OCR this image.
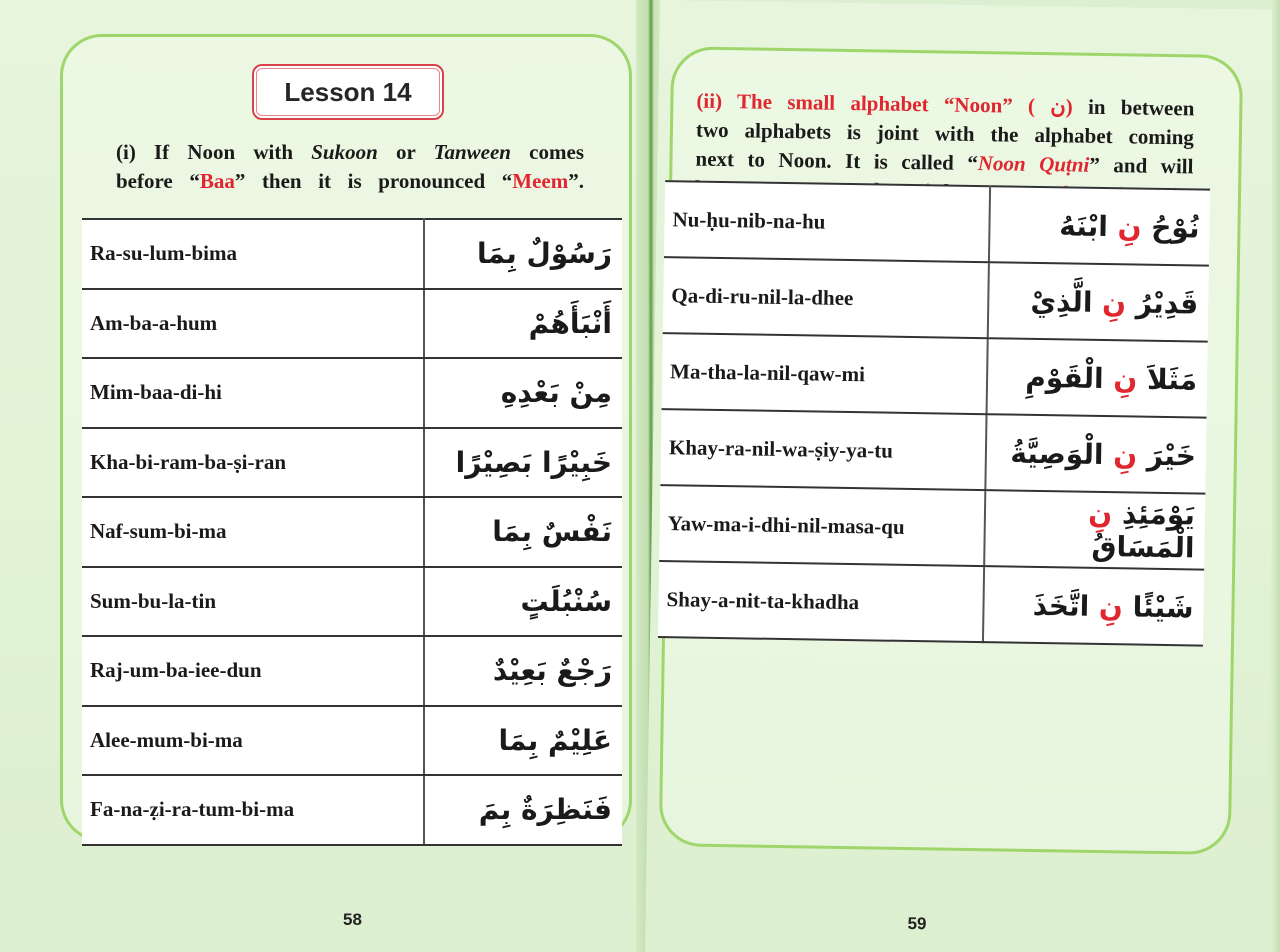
Lesson 14
(i) If Noon with Sukoon or Tanween comes
before “Baa” then it is pronounced “Meem”.
Ra-su-lum-bima	رَسُوْلٌ بِمَا
Am-ba-a-hum	أَنْبَأَهُمْ
Mim-baa-di-hi	مِنْ بَعْدِهِ
Kha-bi-ram-ba-ṣi-ran	خَبِيْرًا بَصِيْرًا
Naf-sum-bi-ma	نَفْسٌ بِمَا
Sum-bu-la-tin	سُنْبُلَتٍ
Raj-um-ba-iee-dun	رَجْعٌ بَعِيْدٌ
Alee-mum-bi-ma	عَلِيْمٌ بِمَا
Fa-na-ẓi-ra-tum-bi-ma	فَنَظِرَةٌ بِمَ
58
(ii) The small alphabet “Noon” ( ن) in between
two alphabets is joint with the alphabet coming
next to Noon. It is called “Noon Quṭni” and will
Nu-ḥu-nib-na-hu	نُوْحُ نِ ابْنَهُ
Qa-di-ru-nil-la-dhee	قَدِيْرُ نِ الَّذِيْ
Ma-tha-la-nil-qaw-mi	مَثَلاَ نِ الْقَوْمِ
Khay-ra-nil-wa-ṣiy-ya-tu	خَيْرَ نِ الْوَصِيَّةُ
Yaw-ma-i-dhi-nil-masa-qu	يَوْمَئِذِ نِ الْمَسَاقُ
Shay-a-nit-ta-khadha	شَيْئًا نِ اتَّخَذَ
59
